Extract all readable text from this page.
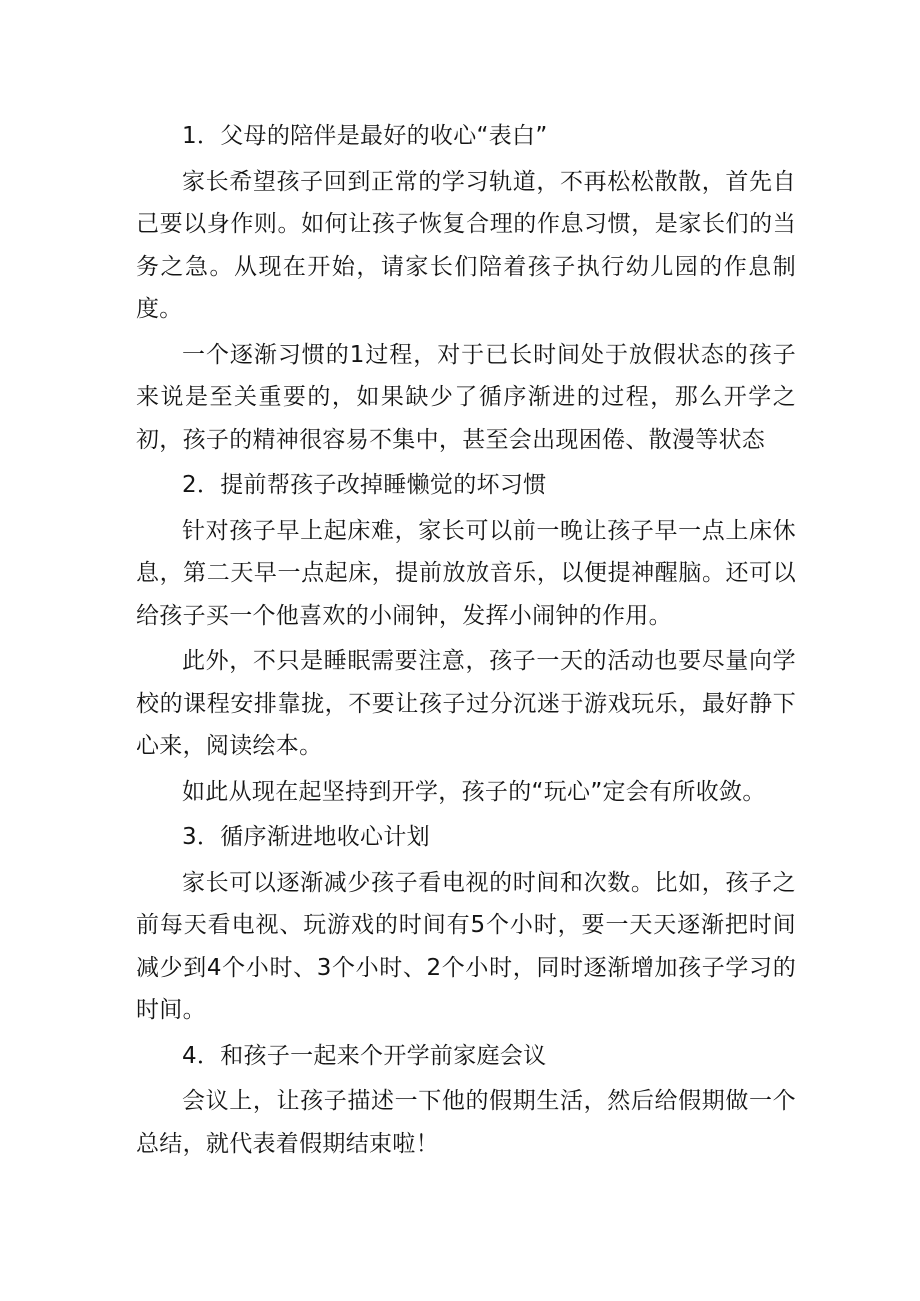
1．父母的陪伴是最好的收心“表白”

家长希望孩子回到正常的学习轨道，不再松松散散，首先自己要以身作则。如何让孩子恢复合理的作息习惯，是家长们的当务之急。从现在开始，请家长们陪着孩子执行幼儿园的作息制度。

一个逐渐习惯的1过程，对于已长时间处于放假状态的孩子来说是至关重要的，如果缺少了循序渐进的过程，那么开学之初，孩子的精神很容易不集中，甚至会出现困倦、散漫等状态

2．提前帮孩子改掉睡懒觉的坏习惯

针对孩子早上起床难，家长可以前一晚让孩子早一点上床休息，第二天早一点起床，提前放放音乐，以便提神醒脑。还可以给孩子买一个他喜欢的小闹钟，发挥小闹钟的作用。

此外，不只是睡眠需要注意，孩子一天的活动也要尽量向学校的课程安排靠拢，不要让孩子过分沉迷于游戏玩乐，最好静下心来，阅读绘本。

如此从现在起坚持到开学，孩子的“玩心”定会有所收敛。

3．循序渐进地收心计划

家长可以逐渐减少孩子看电视的时间和次数。比如，孩子之前每天看电视、玩游戏的时间有5个小时，要一天天逐渐把时间减少到4个小时、3个小时、2个小时，同时逐渐增加孩子学习的时间。

4．和孩子一起来个开学前家庭会议

会议上，让孩子描述一下他的假期生活，然后给假期做一个总结，就代表着假期结束啦！
